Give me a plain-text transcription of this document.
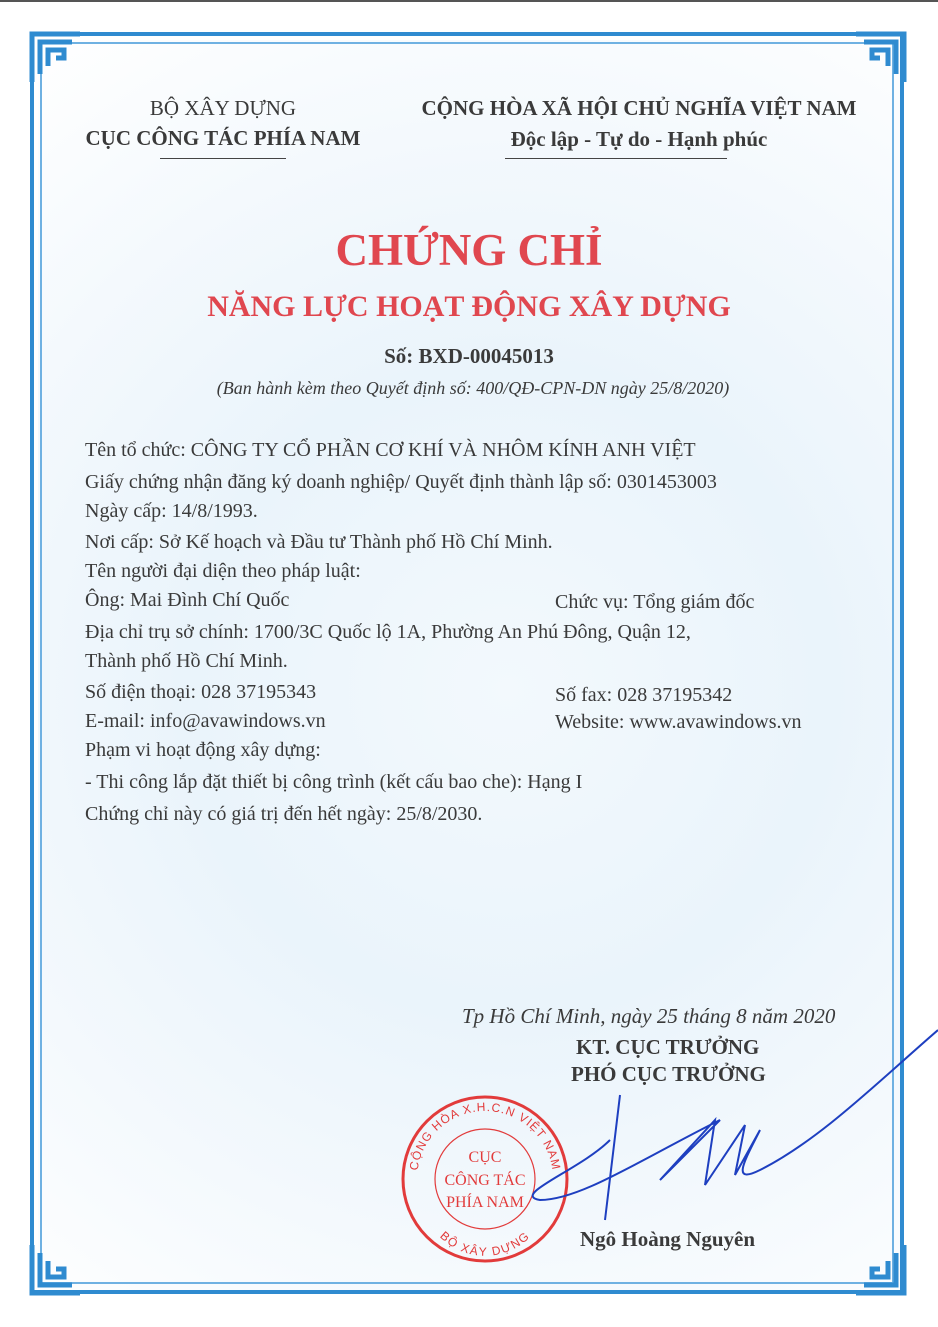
BỘ XÂY DỰNG
CỤC CÔNG TÁC PHÍA NAM
CỘNG HÒA XÃ HỘI CHỦ NGHĨA VIỆT NAM
Độc lập - Tự do - Hạnh phúc
CHỨNG CHỈ
NĂNG LỰC HOẠT ĐỘNG XÂY DỰNG
Số: BXD-00045013
(Ban hành kèm theo Quyết định số: 400/QĐ-CPN-DN ngày 25/8/2020)
Tên tổ chức: CÔNG TY CỔ PHẦN CƠ KHÍ VÀ NHÔM KÍNH ANH VIỆT
Giấy chứng nhận đăng ký doanh nghiệp/ Quyết định thành lập số: 0301453003
Ngày cấp: 14/8/1993.
Nơi cấp: Sở Kế hoạch và Đầu tư Thành phố Hồ Chí Minh.
Tên người đại diện theo pháp luật:
Ông: Mai Đình Chí Quốc	Chức vụ: Tổng giám đốc
Địa chỉ trụ sở chính: 1700/3C Quốc lộ 1A, Phường An Phú Đông, Quận 12,
Thành phố Hồ Chí Minh.
Số điện thoại: 028 37195343	Số fax: 028 37195342
E-mail: info@avawindows.vn	Website: www.avawindows.vn
Phạm vi hoạt động xây dựng:
- Thi công lắp đặt thiết bị công trình (kết cấu bao che): Hạng I
Chứng chỉ này có giá trị đến hết ngày: 25/8/2030.
Tp Hồ Chí Minh, ngày 25 tháng 8 năm 2020
KT. CỤC TRƯỞNG
PHÓ CỤC TRƯỞNG
CỘNG HÒA X.H.C.N VIỆT NAM
BỘ XÂY DỰNG
CỤC
CÔNG TÁC
PHÍA NAM
Ngô Hoàng Nguyên
